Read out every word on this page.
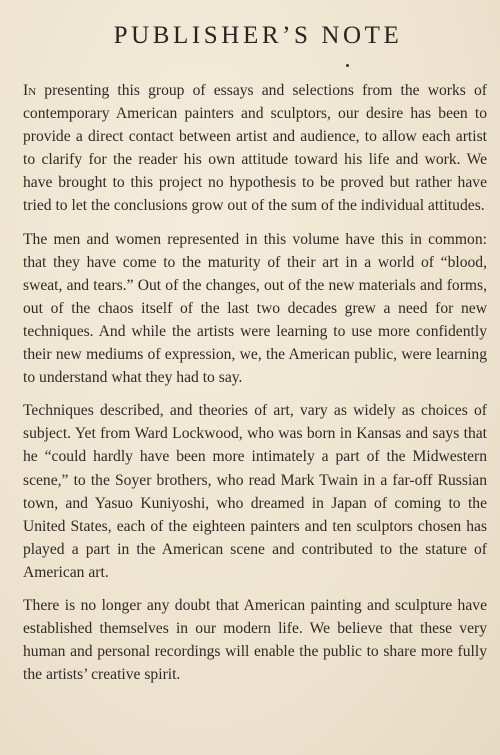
PUBLISHER’S NOTE

In presenting this group of essays and selections from the works of contemporary American painters and sculptors, our desire has been to provide a direct contact between artist and audience, to allow each artist to clarify for the reader his own attitude toward his life and work. We have brought to this project no hypothesis to be proved but rather have tried to let the conclusions grow out of the sum of the individual attitudes.

The men and women represented in this volume have this in common: that they have come to the maturity of their art in a world of “blood, sweat, and tears.” Out of the changes, out of the new materials and forms, out of the chaos itself of the last two decades grew a need for new techniques. And while the artists were learning to use more confidently their new mediums of expression, we, the American public, were learning to understand what they had to say.

Techniques described, and theories of art, vary as widely as choices of subject. Yet from Ward Lockwood, who was born in Kansas and says that he “could hardly have been more intimately a part of the Midwestern scene,” to the Soyer brothers, who read Mark Twain in a far-off Russian town, and Yasuo Kuniyoshi, who dreamed in Japan of coming to the United States, each of the eighteen painters and ten sculptors chosen has played a part in the American scene and contributed to the stature of American art.

There is no longer any doubt that American painting and sculpture have established themselves in our modern life. We believe that these very human and personal recordings will enable the public to share more fully the artists’ creative spirit.
